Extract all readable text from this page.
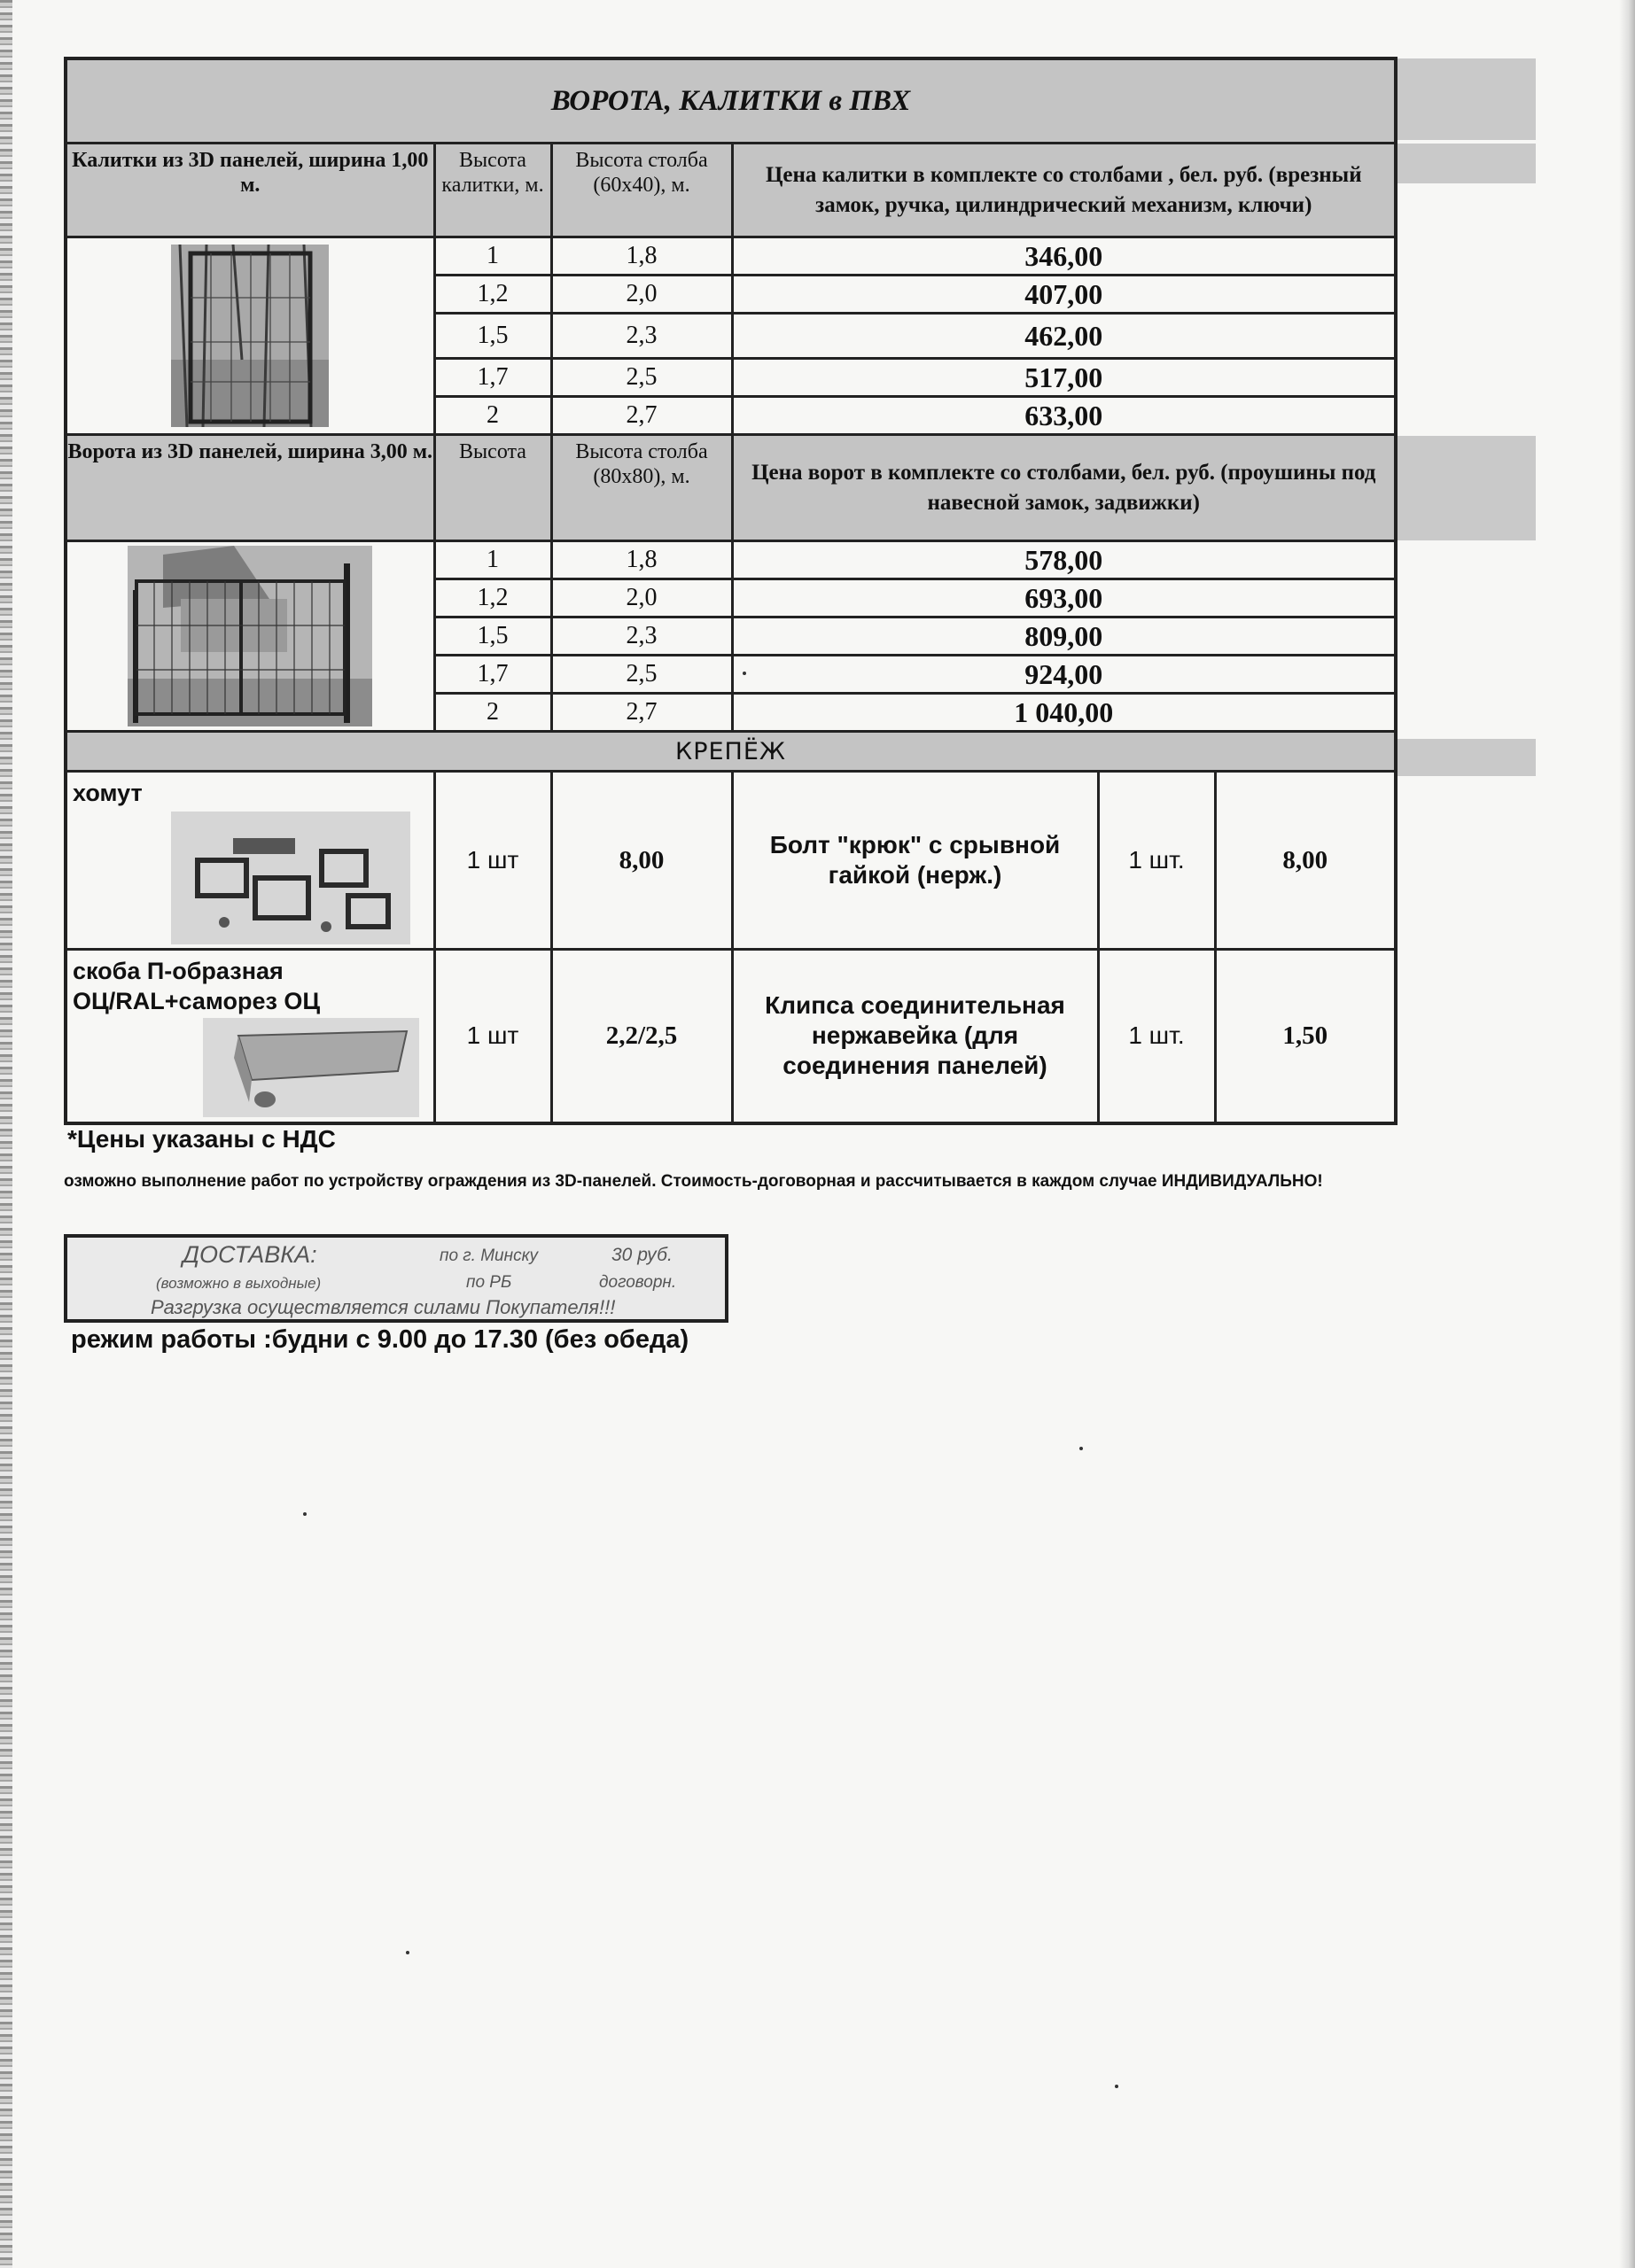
ВОРОТА, КАЛИТКИ в ПВХ					
Калитки из 3D панелей, ширина 1,00 м.	Высота калитки, м.	Высота столба (60х40), м.	Цена калитки в комплекте со столбами , бел. руб. (врезный замок, ручка, цилиндрический механизм, ключи)		

	1	1,8	346,00		
	1,2	2,0	407,00		
	1,5	2,3	462,00		
	1,7	2,5	517,00		
	2	2,7	633,00		
Ворота из 3D панелей, ширина 3,00 м.	Высота	Высота столба (80х80), м.	Цена ворот в комплекте со столбами, бел. руб. (проушины под навесной замок, задвижки)		

	1	1,8	578,00		
	1,2	2,0	693,00		
	1,5	2,3	809,00		
	1,7	2,5	924,00		
	2	2,7	1 040,00		
КРЕПЁЖ					

хомут	1 шт	8,00	Болт "крюк" с срывной гайкой (нерж.)	1 шт.	8,00

скоба П-образная ОЦ/RAL+саморез ОЦ	1 шт	2,2/2,5	Клипса соединительная нержавейка (для соединения панелей)	1 шт.	1,50
*Цены указаны с НДС
озможно выполнение работ по устройству ограждения из 3D-панелей. Стоимость-договорная и рассчитывается в каждом случае ИНДИВИДУАЛЬНО!
ДОСТАВКА:	по г. Минску	30 руб.
(возможно в выходные)	по РБ	договорн.
Разгрузка осуществляется силами Покупателя!!!
режим работы :будни с 9.00 до 17.30 (без обеда)
